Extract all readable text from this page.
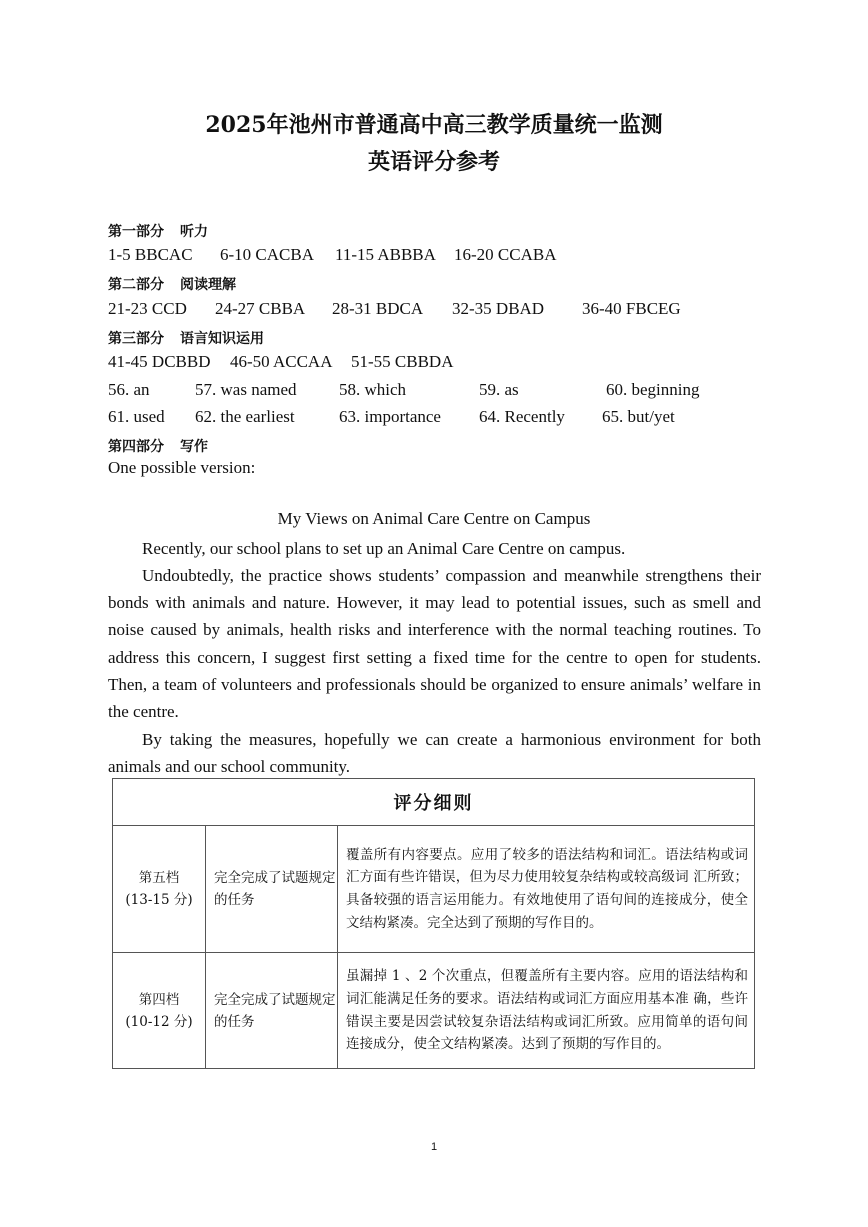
2025年池州市普通高中高三教学质量统一监测
英语评分参考
第一部分 听力
1-5 BBCAC 6-10 CACBA 11-15 ABBBA 16-20 CCABA
第二部分 阅读理解
21-23 CCD 24-27 CBBA 28-31 BDCA 32-35 DBAD 36-40 FBCEG
第三部分 语言知识运用
41-45 DCBBD 46-50 ACCAA 51-55 CBBDA
56. an	57. was named 58. which	59. as	60. beginning
61. used 62. the earliest	63. importance 64. Recently 65. but/yet
第四部分 写作
One possible version:
My Views on Animal Care Centre on Campus
Recently, our school plans to set up an Animal Care Centre on campus.
Undoubtedly, the practice shows students’ compassion and meanwhile strengthens their bonds with animals and nature. However, it may lead to potential issues, such as smell and noise caused by animals, health risks and interference with the normal teaching routines. To address this concern, I suggest first setting a fixed time for the centre to open for students. Then, a team of volunteers and professionals should be organized to ensure animals’ welfare in the centre.
By taking the measures, hopefully we can create a harmonious environment for both animals and our school community.
评分细则		

第五档
(13-15 分)	完全完成了试题规定的任务	覆盖所有内容要点。应用了较多的语法结构和词汇。语法结构或词汇方面有些许错误，但为尽力使用较复杂结构或较高级词 汇所致；具备较强的语言运用能力。有效地使用了语句间的连接成分，使全文结构紧凑。完全达到了预期的写作目的。

第四档
(10-12 分)	完全完成了试题规定的任务	虽漏掉 1 、2 个次重点，但覆盖所有主要内容。应用的语法结构和词汇能满足任务的要求。语法结构或词汇方面应用基本准 确，些许错误主要是因尝试较复杂语法结构或词汇所致。应用简单的语句间连接成分，使全文结构紧凑。达到了预期的写作目的。
1
